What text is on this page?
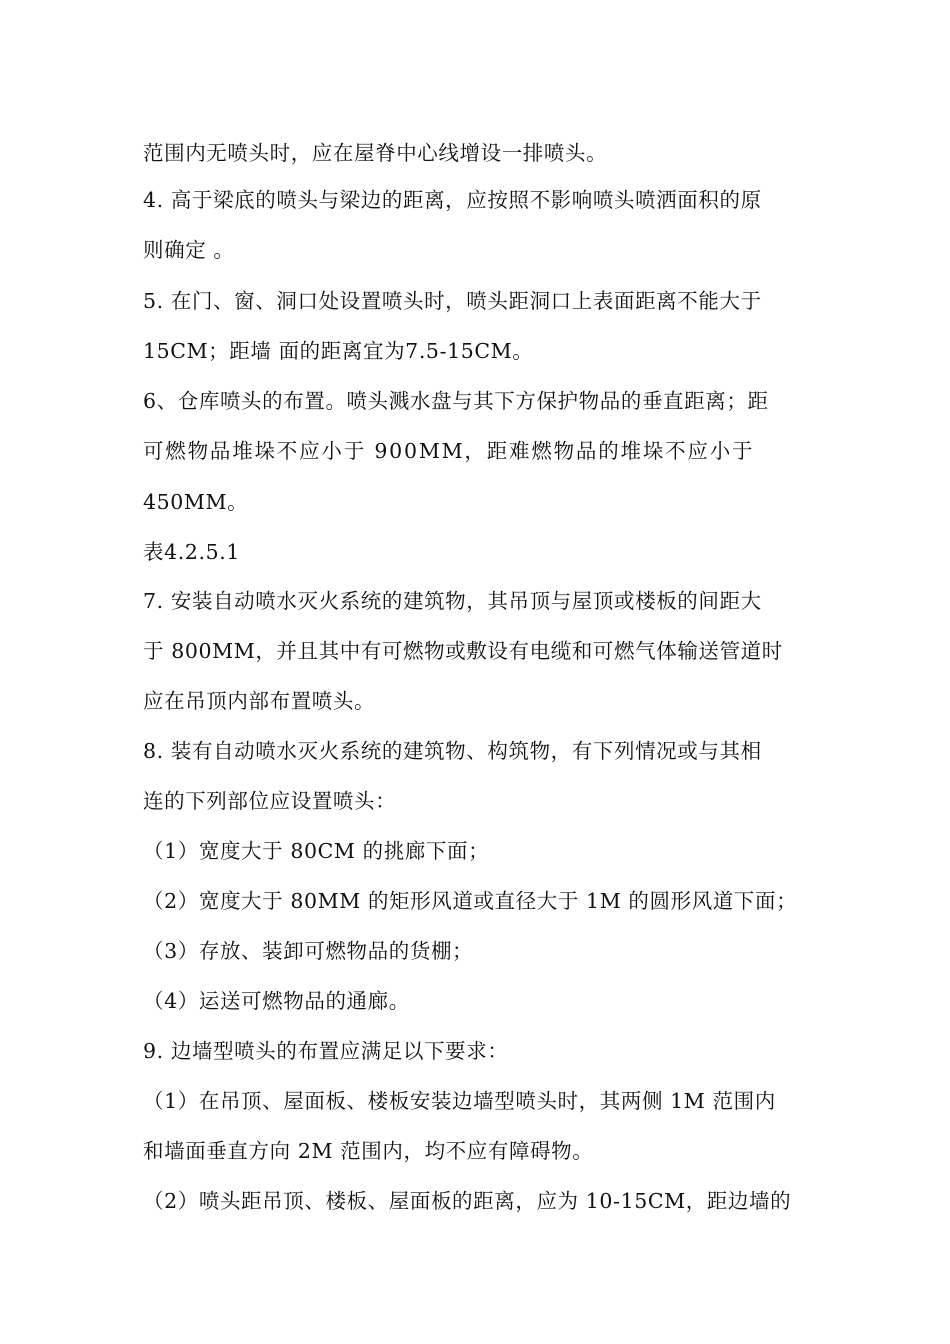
范围内无喷头时，应在屋脊中心线增设一排喷头。
4. 高于梁底的喷头与梁边的距离，应按照不影响喷头喷洒面积的原
则确定 。
5. 在门、窗、洞口处设置喷头时，喷头距洞口上表面距离不能大于
15CM；距墙 面的距离宜为7.5-15CM。
6、仓库喷头的布置。喷头溅水盘与其下方保护物品的垂直距离；距
可燃物品堆垛不应小于 900MM，距难燃物品的堆垛不应小于
450MM。
表4.2.5.1
7. 安装自动喷水灭火系统的建筑物，其吊顶与屋顶或楼板的间距大
于 800MM，并且其中有可燃物或敷设有电缆和可燃气体输送管道时
应在吊顶内部布置喷头。
8. 装有自动喷水灭火系统的建筑物、构筑物，有下列情况或与其相
连的下列部位应设置喷头：
（1）宽度大于 80CM 的挑廊下面；
（2）宽度大于 80MM 的矩形风道或直径大于 1M 的圆形风道下面；
（3）存放、装卸可燃物品的货棚；
（4）运送可燃物品的通廊。
9. 边墙型喷头的布置应满足以下要求：
（1）在吊顶、屋面板、楼板安装边墙型喷头时，其两侧 1M 范围内
和墙面垂直方向 2M 范围内，均不应有障碍物。
（2）喷头距吊顶、楼板、屋面板的距离，应为 10-15CM，距边墙的
